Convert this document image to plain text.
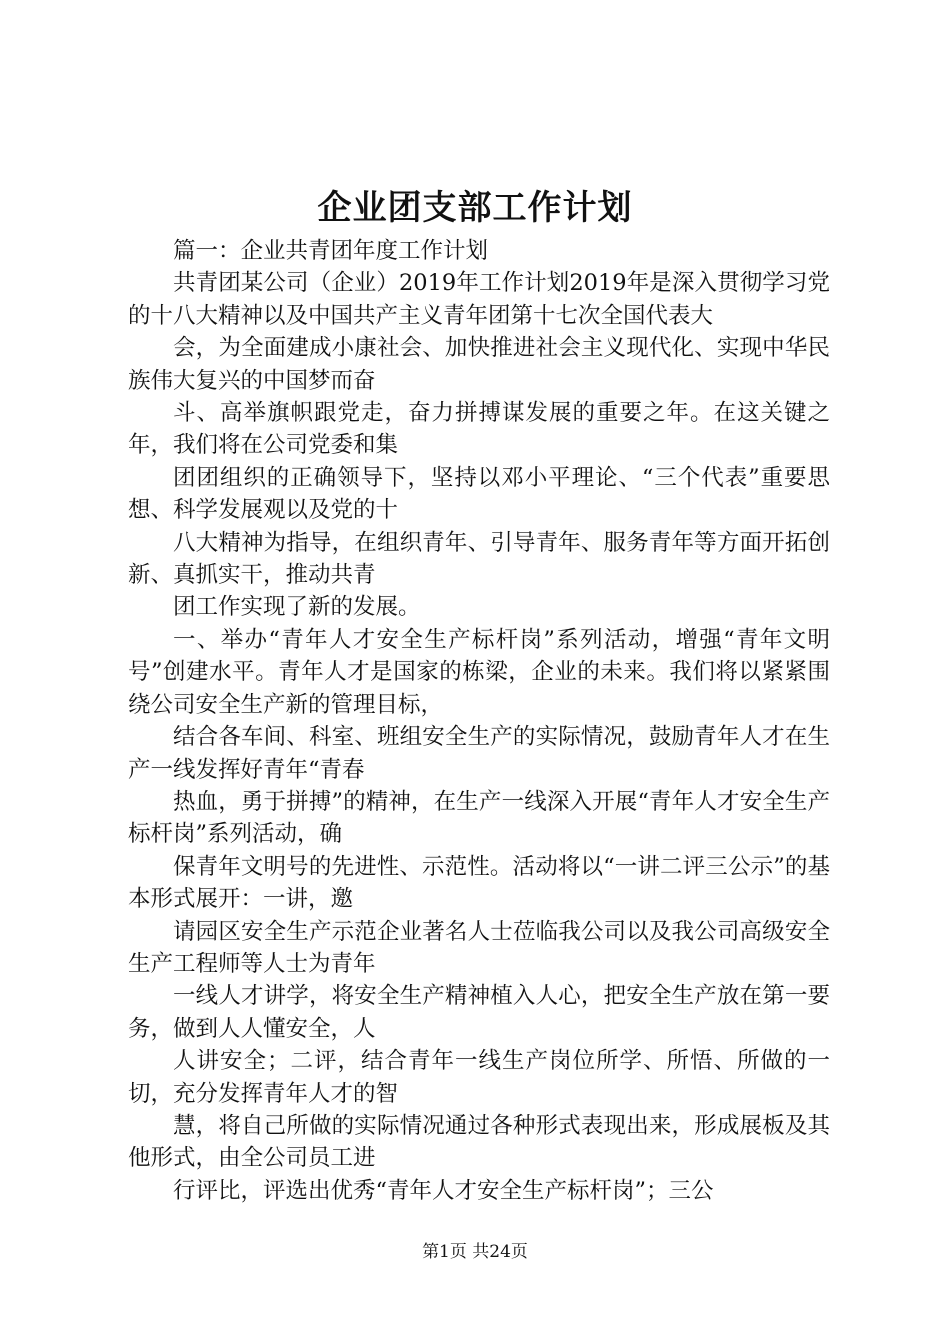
企业团支部工作计划

篇一：企业共青团年度工作计划

共青团某公司（企业）2019年工作计划2019年是深入贯彻学习党的十八大精神以及中国共产主义青年团第十七次全国代表大

会，为全面建成小康社会、加快推进社会主义现代化、实现中华民族伟大复兴的中国梦而奋

斗、高举旗帜跟党走，奋力拼搏谋发展的重要之年。在这关键之年，我们将在公司党委和集

团团组织的正确领导下，坚持以邓小平理论、“三个代表”重要思想、科学发展观以及党的十

八大精神为指导，在组织青年、引导青年、服务青年等方面开拓创新、真抓实干，推动共青

团工作实现了新的发展。

一、举办“青年人才安全生产标杆岗”系列活动，增强“青年文明号”创建水平。青年人才是国家的栋梁，企业的未来。我们将以紧紧围绕公司安全生产新的管理目标，

结合各车间、科室、班组安全生产的实际情况，鼓励青年人才在生产一线发挥好青年“青春

热血，勇于拼搏”的精神，在生产一线深入开展“青年人才安全生产标杆岗”系列活动，确

保青年文明号的先进性、示范性。活动将以“一讲二评三公示”的基本形式展开：一讲，邀

请园区安全生产示范企业著名人士莅临我公司以及我公司高级安全生产工程师等人士为青年

一线人才讲学，将安全生产精神植入人心，把安全生产放在第一要务，做到人人懂安全，人

人讲安全；二评，结合青年一线生产岗位所学、所悟、所做的一切，充分发挥青年人才的智

慧，将自己所做的实际情况通过各种形式表现出来，形成展板及其他形式，由全公司员工进

行评比，评选出优秀“青年人才安全生产标杆岗”；三公

第1页 共24页
